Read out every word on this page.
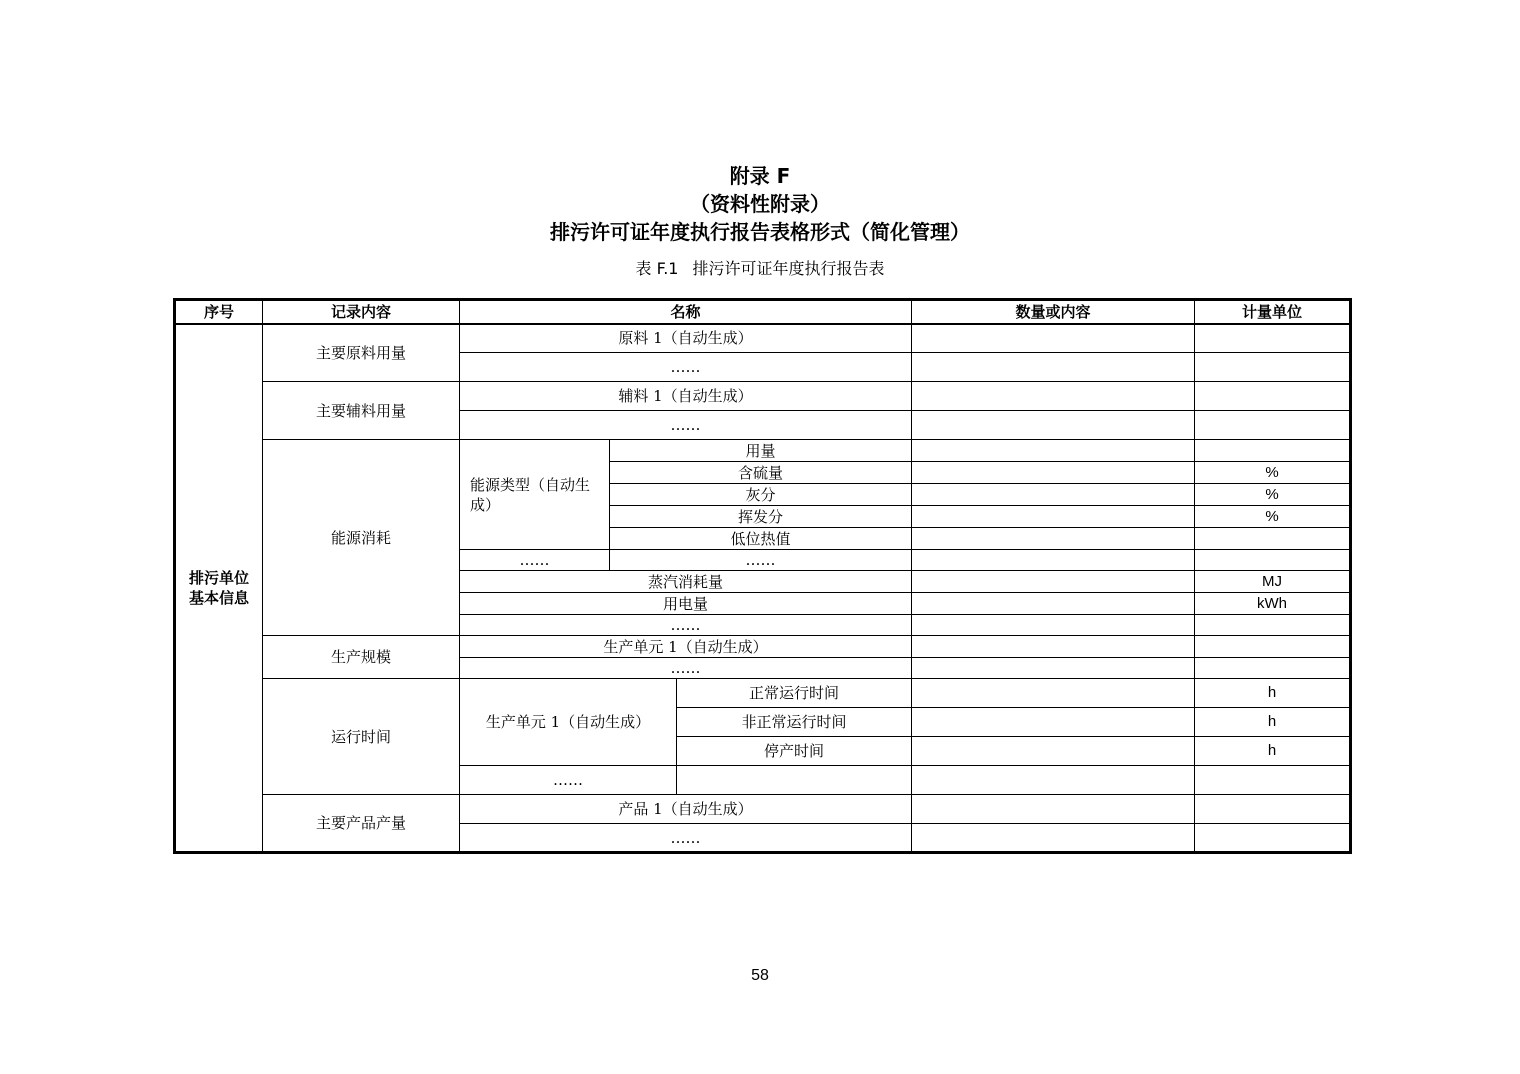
附录 F
（资料性附录）
排污许可证年度执行报告表格形式（简化管理）
表 F.1 排污许可证年度执行报告表
序号	记录内容	名称			数量或内容	计量单位

排污单位基本信息	主要原料用量	原料 1（自动生成）				
		……				
	主要辅料用量	辅料 1（自动生成）				
		……				
	能源消耗	能源类型（自动生成）	用量			
			含硫量			%
			灰分			%
			挥发分			%
			低位热值			
		……	……			
		蒸汽消耗量				MJ
		用电量				kWh
		……				
	生产规模	生产单元 1（自动生成）				
		……				
	运行时间	生产单元 1（自动生成）		正常运行时间		h
				非正常运行时间		h
				停产时间		h
		……				
	主要产品产量	产品 1（自动生成）				
		……				
58
